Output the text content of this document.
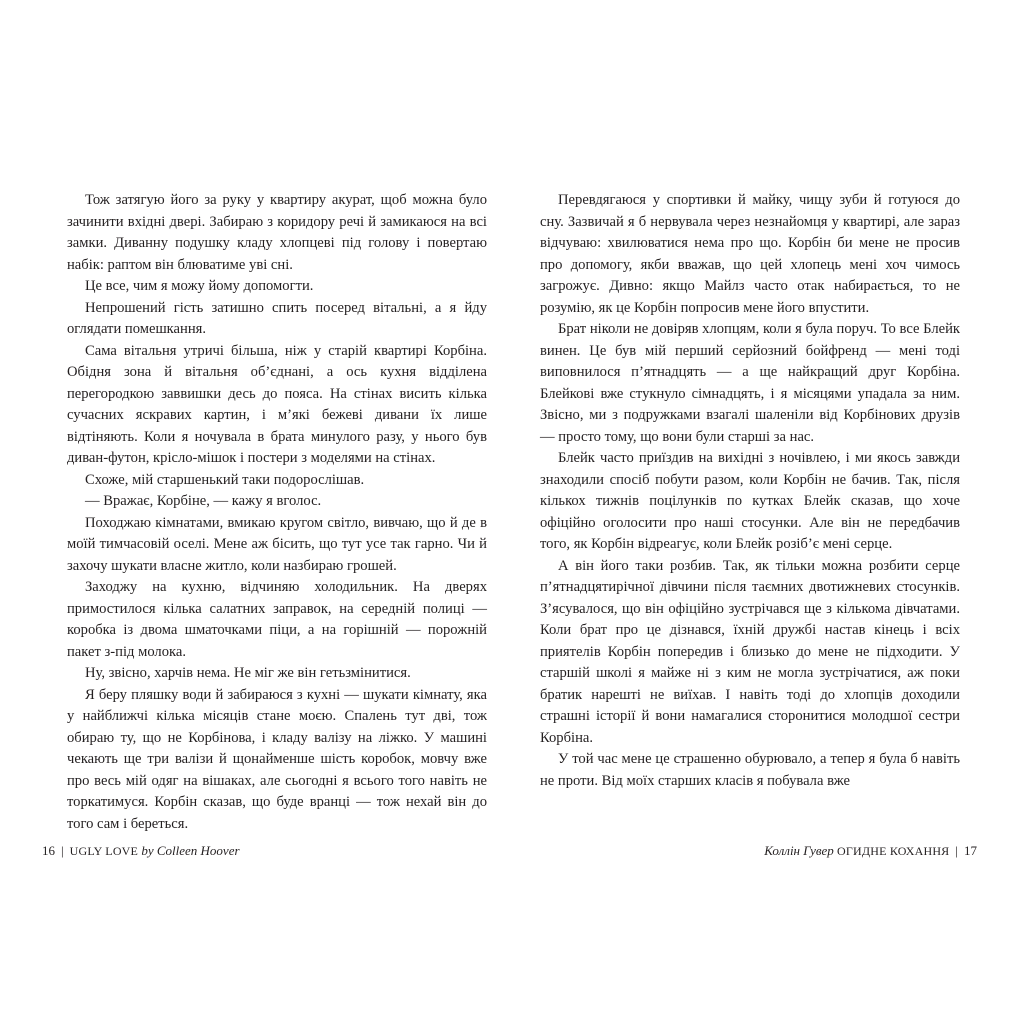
Тож затягую його за руку у квартиру акурат, щоб можна було зачинити вхідні двері. Забираю з коридору речі й замикаюся на всі замки. Диванну подушку кладу хлопцеві під голову і повертаю набік: раптом він блюватиме уві сні.

Це все, чим я можу йому допомогти.

Непрошений гість затишно спить посеред вітальні, а я йду оглядати помешкання.

Сама вітальня утричі більша, ніж у старій квартирі Корбіна. Обідня зона й вітальня об’єднані, а ось кухня відділена перегородкою заввишки десь до пояса. На стінах висить кілька сучасних яскравих картин, і м’які бежеві дивани їх лише відтіняють. Коли я ночувала в брата минулого разу, у нього був диван-футон, крісло-мішок і постери з моделями на стінах.

Схоже, мій старшенький таки подорослішав.

— Вражає, Корбіне, — кажу я вголос.

Походжаю кімнатами, вмикаю кругом світло, вивчаю, що й де в моїй тимчасовій оселі. Мене аж бісить, що тут усе так гарно. Чи й захочу шукати власне житло, коли назбираю грошей.

Заходжу на кухню, відчиняю холодильник. На дверях примостилося кілька салатних заправок, на середній полиці — коробка із двома шматочками піци, а на горішній — порожній пакет з-під молока.

Ну, звісно, харчів нема. Не міг же він гетьзмінитися.

Я беру пляшку води й забираюся з кухні — шукати кімнату, яка у найближчі кілька місяців стане моєю. Спалень тут дві, тож обираю ту, що не Корбінова, і кладу валізу на ліжко. У машині чекають ще три валізи й щонайменше шість коробок, мовчу вже про весь мій одяг на вішаках, але сьогодні я всього того навіть не торкатимуся. Корбін сказав, що буде вранці — тож нехай він до того сам і береться.

Перевдягаюся у спортивки й майку, чищу зуби й готуюся до сну. Зазвичай я б нервувала через незнайомця у квартирі, але зараз відчуваю: хвилюватися нема про що. Корбін би мене не просив про допомогу, якби вважав, що цей хлопець мені хоч чимось загрожує. Дивно: якщо Майлз часто отак набирається, то не розумію, як це Корбін попросив мене його впустити.

Брат ніколи не довіряв хлопцям, коли я була поруч. То все Блейк винен. Це був мій перший серйозний бойфренд — мені тоді виповнилося п’ятнадцять — а ще найкращий друг Корбіна. Блейкові вже стукнуло сімнадцять, і я місяцями упадала за ним. Звісно, ми з подружками взагалі шаленіли від Корбінових друзів — просто тому, що вони були старші за нас.

Блейк часто приїздив на вихідні з ночівлею, і ми якось завжди знаходили спосіб побути разом, коли Корбін не бачив. Так, після кількох тижнів поцілунків по кутках Блейк сказав, що хоче офіційно оголосити про наші стосунки. Але він не передбачив того, як Корбін відреагує, коли Блейк розіб’є мені серце.

А він його таки розбив. Так, як тільки можна розбити серце п’ятнадцятирічної дівчини після таємних двотижневих стосунків. З’ясувалося, що він офіційно зустрічався ще з кількома дівчатами. Коли брат про це дізнався, їхній дружбі настав кінець і всіх приятелів Корбін попередив і близько до мене не підходити. У старшій школі я майже ні з ким не могла зустрічатися, аж поки братик нарешті не виїхав. І навіть тоді до хлопців доходили страшні історії й вони намагалися сторонитися молодшої сестри Корбіна.

У той час мене це страшенно обурювало, а тепер я була б навіть не проти. Від моїх старших класів я побувала вже

16 | UGLY LOVE by Colleen Hoover	Коллін Гувер ОГИДНЕ КОХАННЯ | 17
